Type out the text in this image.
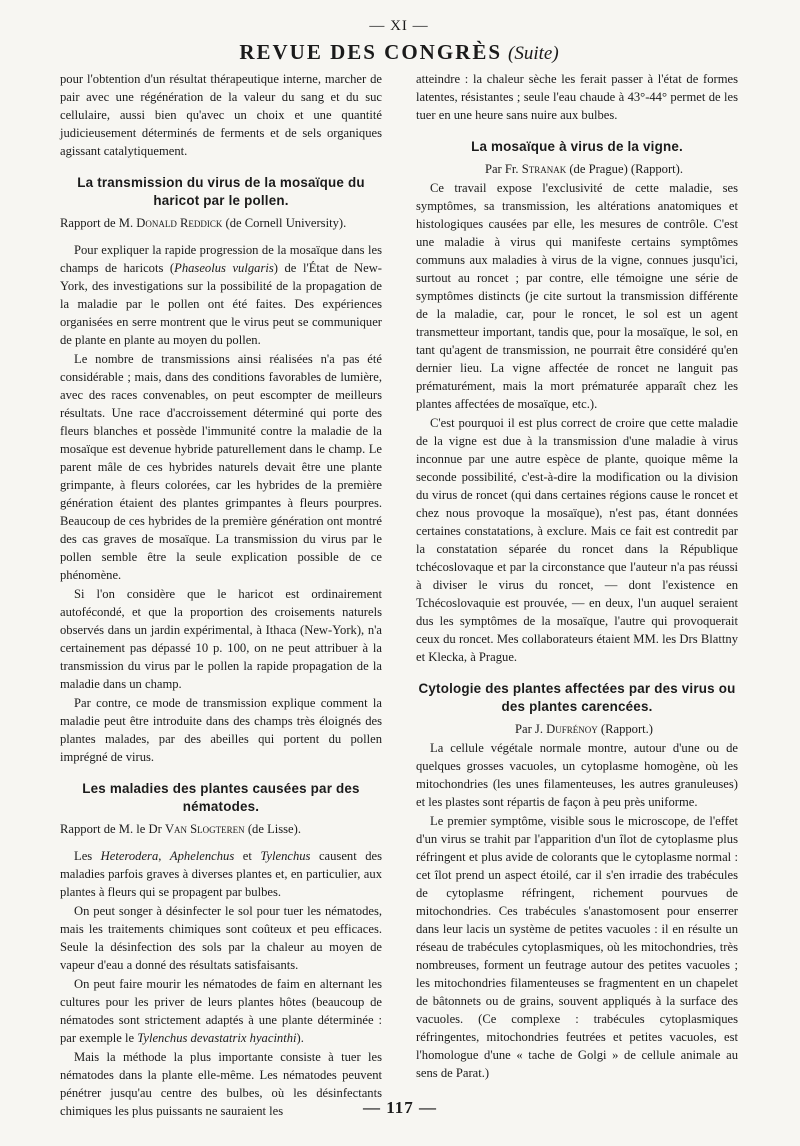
— XI —
REVUE DES CONGRÈS (Suite)

pour l'obtention d'un résultat thérapeutique interne, marcher de pair avec une régénération de la valeur du sang et du suc cellulaire, aussi bien qu'avec un choix et une quantité judicieusement déterminés de ferments et de sels organiques agissant catalytiquement.

La transmission du virus de la mosaïque du haricot par le pollen.

Rapport de M. Donald Reddick (de Cornell University).

Pour expliquer la rapide progression de la mosaïque dans les champs de haricots (Phaseolus vulgaris) de l'État de New-York, des investigations sur la possibilité de la propagation de la maladie par le pollen ont été faites. Des expériences organisées en serre montrent que le virus peut se communiquer de plante en plante au moyen du pollen.

Le nombre de transmissions ainsi réalisées n'a pas été considérable ; mais, dans des conditions favorables de lumière, avec des races convenables, on peut escompter de meilleurs résultats. Une race d'accroissement déterminé qui porte des fleurs blanches et possède l'immunité contre la maladie de la mosaïque est devenue hybride paturellement dans le champ. Le parent mâle de ces hybrides naturels devait être une plante grimpante, à fleurs colorées, car les hybrides de la première génération étaient des plantes grimpantes à fleurs pourpres. Beaucoup de ces hybrides de la première génération ont montré des cas graves de mosaïque. La transmission du virus par le pollen semble être la seule explication possible de ce phénomène.

Si l'on considère que le haricot est ordinairement autofécondé, et que la proportion des croisements naturels observés dans un jardin expérimental, à Ithaca (New-York), n'a certainement pas dépassé 10 p. 100, on ne peut attribuer à la transmission du virus par le pollen la rapide propagation de la maladie dans un champ.

Par contre, ce mode de transmission explique comment la maladie peut être introduite dans des champs très éloignés des plantes malades, par des abeilles qui portent du pollen imprégné de virus.

Les maladies des plantes causées par des nématodes.

Rapport de M. le Dr Van Slogteren (de Lisse).

Les Heterodera, Aphelenchus et Tylenchus causent des maladies parfois graves à diverses plantes et, en particulier, aux plantes à fleurs qui se propagent par bulbes.

On peut songer à désinfecter le sol pour tuer les nématodes, mais les traitements chimiques sont coûteux et peu efficaces. Seule la désinfection des sols par la chaleur au moyen de vapeur d'eau a donné des résultats satisfaisants.

On peut faire mourir les nématodes de faim en alternant les cultures pour les priver de leurs plantes hôtes (beaucoup de nématodes sont strictement adaptés à une plante déterminée : par exemple le Tylenchus devastatrix hyacinthi).

Mais la méthode la plus importante consiste à tuer les nématodes dans la plante elle-même. Les nématodes peuvent pénétrer jusqu'au centre des bulbes, où les désinfectants chimiques les plus puissants ne sauraient les

atteindre : la chaleur sèche les ferait passer à l'état de formes latentes, résistantes ; seule l'eau chaude à 43°-44° permet de les tuer en une heure sans nuire aux bulbes.

La mosaïque à virus de la vigne.

Par Fr. Stranak (de Prague) (Rapport).

Ce travail expose l'exclusivité de cette maladie, ses symptômes, sa transmission, les altérations anatomiques et histologiques causées par elle, les mesures de contrôle. C'est une maladie à virus qui manifeste certains symptômes communs aux maladies à virus de la vigne, connues jusqu'ici, surtout au roncet ; par contre, elle témoigne une série de symptômes distincts (je cite surtout la transmission différente de la maladie, car, pour le roncet, le sol est un agent transmetteur important, tandis que, pour la mosaïque, le sol, en tant qu'agent de transmission, ne pourrait être considéré qu'en dernier lieu. La vigne affectée de roncet ne languit pas prématurément, mais la mort prématurée apparaît chez les plantes affectées de mosaïque, etc.).

C'est pourquoi il est plus correct de croire que cette maladie de la vigne est due à la transmission d'une maladie à virus inconnue par une autre espèce de plante, quoique même la seconde possibilité, c'est-à-dire la modification ou la division du virus de roncet (qui dans certaines régions cause le roncet et chez nous provoque la mosaïque), n'est pas, étant données certaines constatations, à exclure. Mais ce fait est contredit par la constatation séparée du roncet dans la République tchécoslovaque et par la circonstance que l'auteur n'a pas réussi à diviser le virus du roncet, — dont l'existence en Tchécoslovaquie est prouvée, — en deux, l'un auquel seraient dus les symptômes de la mosaïque, l'autre qui provoquerait ceux du roncet. Mes collaborateurs étaient MM. les Drs Blattny et Klecka, à Prague.

Cytologie des plantes affectées par des virus ou des plantes carencées.

Par J. Dufrénoy (Rapport.)

La cellule végétale normale montre, autour d'une ou de quelques grosses vacuoles, un cytoplasme homogène, où les mitochondries (les unes filamenteuses, les autres granuleuses) et les plastes sont répartis de façon à peu près uniforme.

Le premier symptôme, visible sous le microscope, de l'effet d'un virus se trahit par l'apparition d'un îlot de cytoplasme plus réfringent et plus avide de colorants que le cytoplasme normal : cet îlot prend un aspect étoilé, car il s'en irradie des trabécules de cytoplasme réfringent, richement pourvues de mitochondries. Ces trabécules s'anastomosent pour enserrer dans leur lacis un système de petites vacuoles : il en résulte un réseau de trabécules cytoplasmiques, où les mitochondries, très nombreuses, forment un feutrage autour des petites vacuoles ; les mitochondries filamenteuses se fragmentent en un chapelet de bâtonnets ou de grains, souvent appliqués à la surface des vacuoles. (Ce complexe : trabécules cytoplasmiques réfringentes, mitochondries feutrées et petites vacuoles, est l'homologue d'une « tache de Golgi » de cellule animale au sens de Parat.)

— 117 —
